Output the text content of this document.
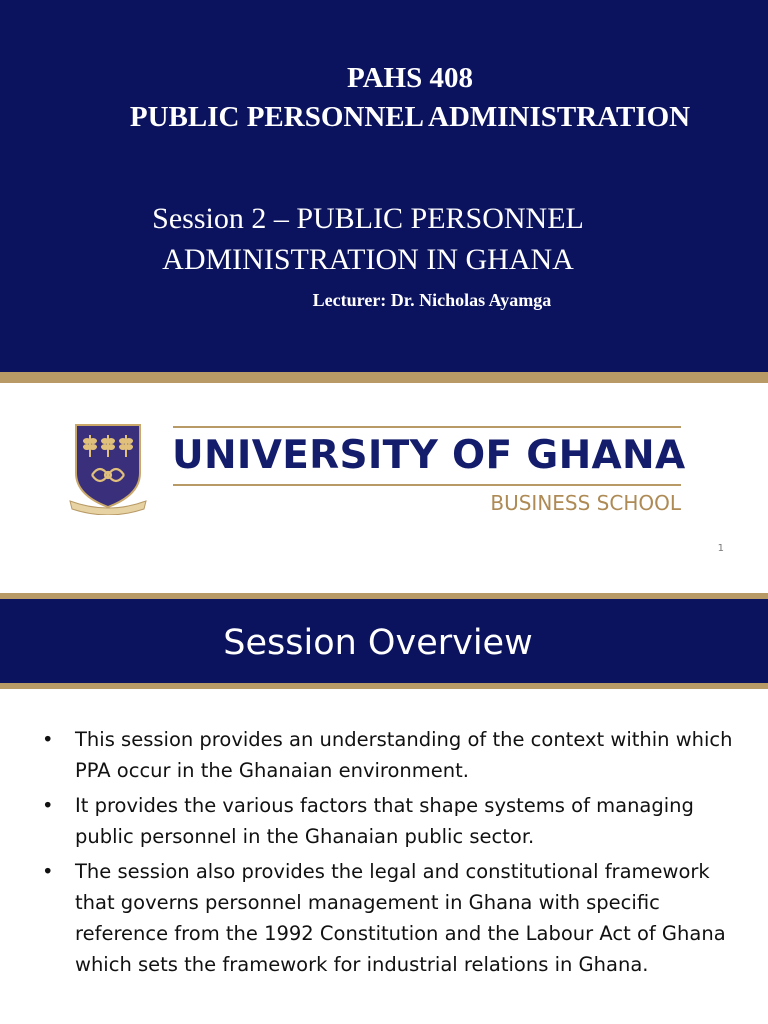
PAHS 408
PUBLIC PERSONNEL ADMINISTRATION
Session 2 – PUBLIC PERSONNEL
ADMINISTRATION IN GHANA
Lecturer: Dr. Nicholas Ayamga
UNIVERSITY OF GHANA
BUSINESS SCHOOL
1
Session Overview
• This session provides an understanding of the context within which PPA occur in the Ghanaian environment.
• It provides the various factors that shape systems of managing public personnel in the Ghanaian public sector.
• The session also provides the legal and constitutional framework that governs personnel management in Ghana with specific reference from the 1992 Constitution and the Labour Act of Ghana which sets the framework for industrial relations in Ghana.
